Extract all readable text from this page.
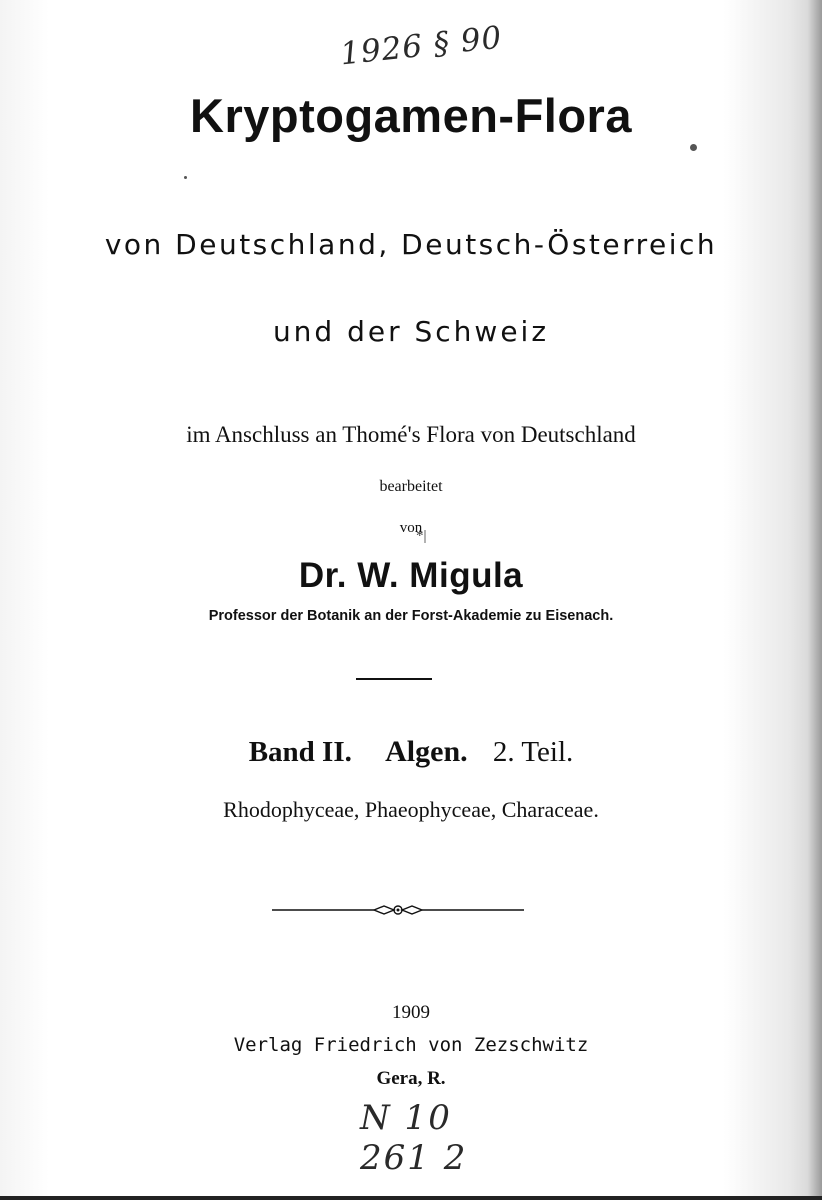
1926 § 90
Kryptogamen-Flora
von Deutschland, Deutsch-Österreich
und der Schweiz
im Anschluss an Thomé's Flora von Deutschland
bearbeitet
von
*|
Dr. W. Migula
Professor der Botanik an der Forst-Akademie zu Eisenach.
Band II. Algen. 2. Teil.
Rhodophyceae, Phaeophyceae, Characeae.
1909
Verlag Friedrich von Zezschwitz
Gera, R.
N 10
261 2
